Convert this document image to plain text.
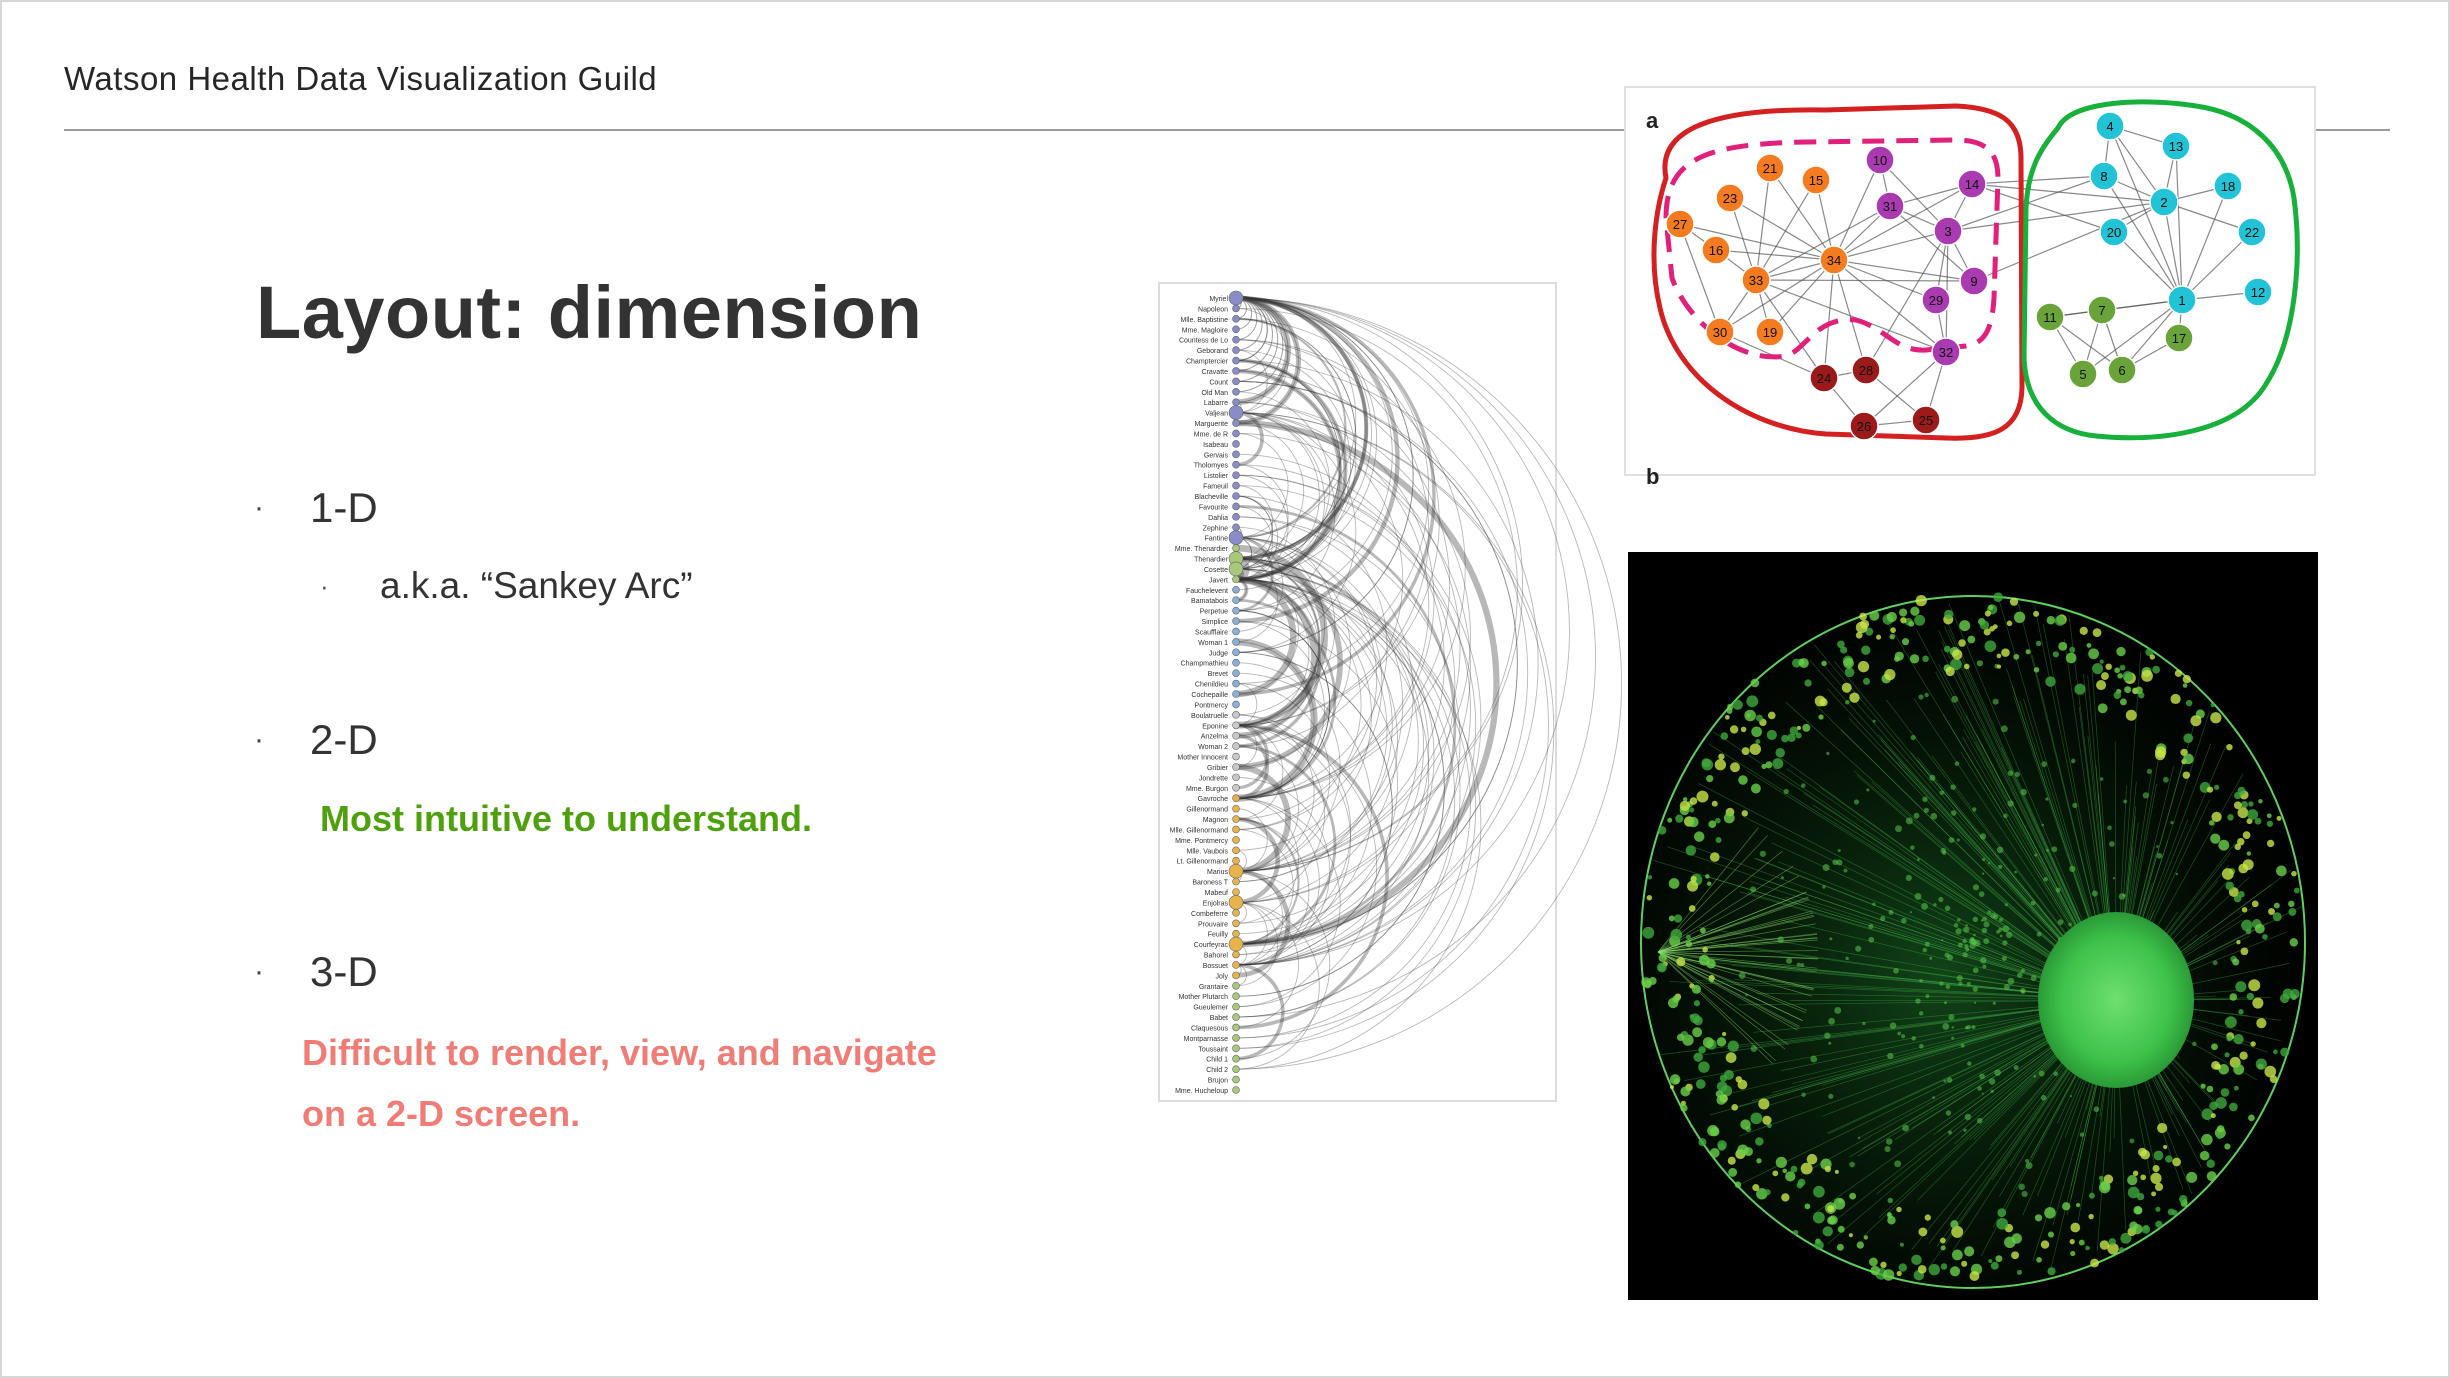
Watson Health Data Visualization Guild
Layout: dimension
·	1-D
·	a.k.a. “Sankey Arc”
·	2-D
Most intuitive to understand.
·	3-D
Difficult to render, view, and navigate
on a 2-D screen.
Myriel
Napoleon
Mlle. Baptistine
Mme. Magloire
Countess de Lo
Geborand
Champtercier
Cravatte
Count
Old Man
Labarre
Valjean
Marguerite
Mme. de R
Isabeau
Gervais
Tholomyes
Listolier
Fameuil
Blacheville
Favourite
Dahlia
Zephine
Fantine
Mme. Thenardier
Thenardier
Cosette
Javert
Fauchelevent
Bamatabois
Perpetue
Simplice
Scaufflaire
Woman 1
Judge
Champmathieu
Brevet
Chenildieu
Cochepaille
Pontmercy
Boulatruelle
Eponine
Anzelma
Woman 2
Mother Innocent
Gribier
Jondrette
Mme. Burgon
Gavroche
Gillenormand
Magnon
Mlle. Gillenormand
Mme. Pontmercy
Mlle. Vaubois
Lt. Gillenormand
Marius
Baroness T
Mabeuf
Enjolras
Combeferre
Prouvaire
Feuilly
Courfeyrac
Bahorel
Bossuet
Joly
Grantaire
Mother Plutarch
Gueulemer
Babet
Claquesous
Montparnasse
Toussaint
Child 1
Child 2
Brujon
Mme. Hucheloup
a
b
1
2
3
4
5 6
7
8
9
10
11
12
13
14
15
16
17
18
19
20
21
22
23
24
25
26
27
28
29
30
31
32
33
34
